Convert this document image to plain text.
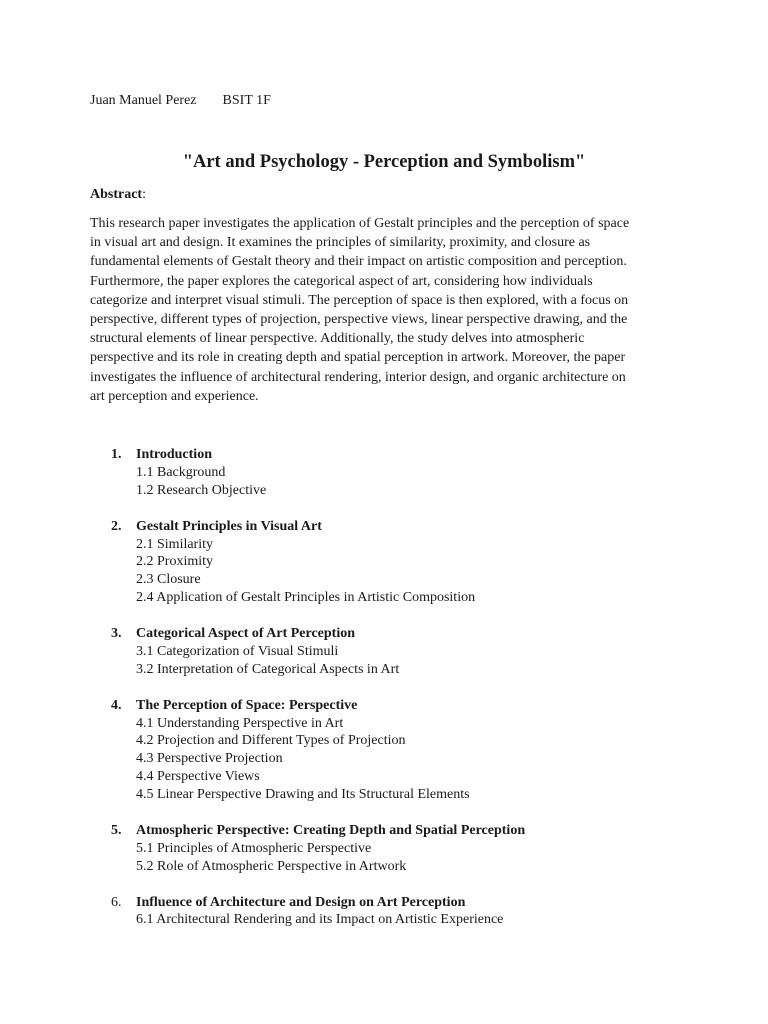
Juan Manuel Perez BSIT 1F
"Art and Psychology - Perception and Symbolism"
Abstract:
This research paper investigates the application of Gestalt principles and the perception of space
in visual art and design. It examines the principles of similarity, proximity, and closure as
fundamental elements of Gestalt theory and their impact on artistic composition and perception.
Furthermore, the paper explores the categorical aspect of art, considering how individuals
categorize and interpret visual stimuli. The perception of space is then explored, with a focus on
perspective, different types of projection, perspective views, linear perspective drawing, and the
structural elements of linear perspective. Additionally, the study delves into atmospheric
perspective and its role in creating depth and spatial perception in artwork. Moreover, the paper
investigates the influence of architectural rendering, interior design, and organic architecture on
art perception and experience.
1. Introduction
1.1 Background
1.2 Research Objective
2. Gestalt Principles in Visual Art
2.1 Similarity
2.2 Proximity
2.3 Closure
2.4 Application of Gestalt Principles in Artistic Composition
3. Categorical Aspect of Art Perception
3.1 Categorization of Visual Stimuli
3.2 Interpretation of Categorical Aspects in Art
4. The Perception of Space: Perspective
4.1 Understanding Perspective in Art
4.2 Projection and Different Types of Projection
4.3 Perspective Projection
4.4 Perspective Views
4.5 Linear Perspective Drawing and Its Structural Elements
5. Atmospheric Perspective: Creating Depth and Spatial Perception
5.1 Principles of Atmospheric Perspective
5.2 Role of Atmospheric Perspective in Artwork
6. Influence of Architecture and Design on Art Perception
6.1 Architectural Rendering and its Impact on Artistic Experience
